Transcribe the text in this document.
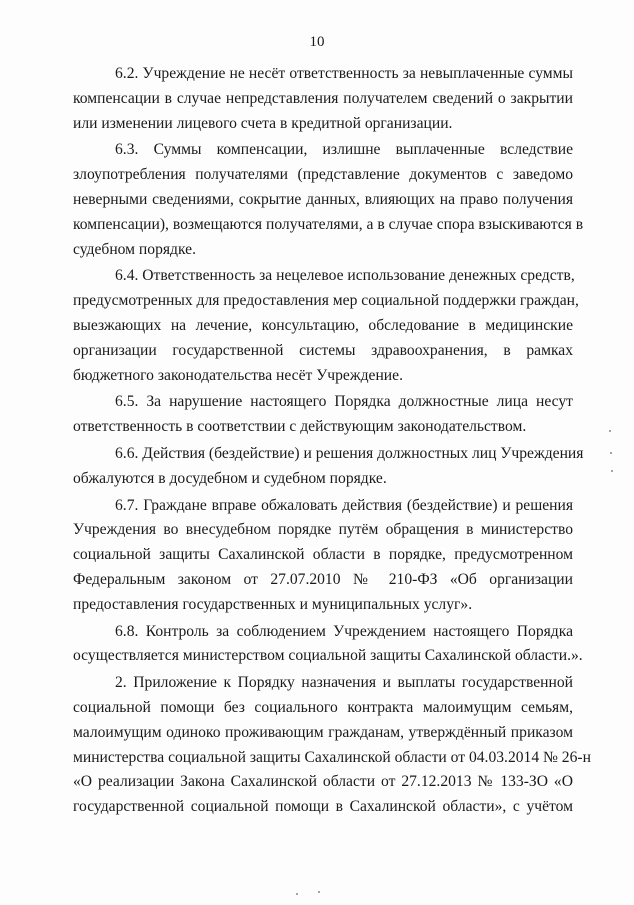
10
6.2. Учреждение не несёт ответственность за невыплаченные суммы
компенсации в случае непредставления получателем сведений о закрытии
или изменении лицевого счета в кредитной организации.
6.3. Суммы компенсации, излишне выплаченные вследствие
злоупотребления получателями (представление документов с заведомо
неверными сведениями, сокрытие данных, влияющих на право получения
компенсации), возмещаются получателями, а в случае спора взыскиваются в
судебном порядке.
6.4. Ответственность за нецелевое использование денежных средств,
предусмотренных для предоставления мер социальной поддержки граждан,
выезжающих на лечение, консультацию, обследование в медицинские
организации государственной системы здравоохранения, в рамках
бюджетного законодательства несёт Учреждение.
6.5. За нарушение настоящего Порядка должностные лица несут
ответственность в соответствии с действующим законодательством.
6.6. Действия (бездействие) и решения должностных лиц Учреждения
обжалуются в досудебном и судебном порядке.
6.7. Граждане вправе обжаловать действия (бездействие) и решения
Учреждения во внесудебном порядке путём обращения в министерство
социальной защиты Сахалинской области в порядке, предусмотренном
Федеральным законом от 27.07.2010 № 210-ФЗ «Об организации
предоставления государственных и муниципальных услуг».
6.8. Контроль за соблюдением Учреждением настоящего Порядка
осуществляется министерством социальной защиты Сахалинской области.».
2. Приложение к Порядку назначения и выплаты государственной
социальной помощи без социального контракта малоимущим семьям,
малоимущим одиноко проживающим гражданам, утверждённый приказом
министерства социальной защиты Сахалинской области от 04.03.2014 № 26-н
«О реализации Закона Сахалинской области от 27.12.2013 № 133-ЗО «О
государственной социальной помощи в Сахалинской области», с учётом
